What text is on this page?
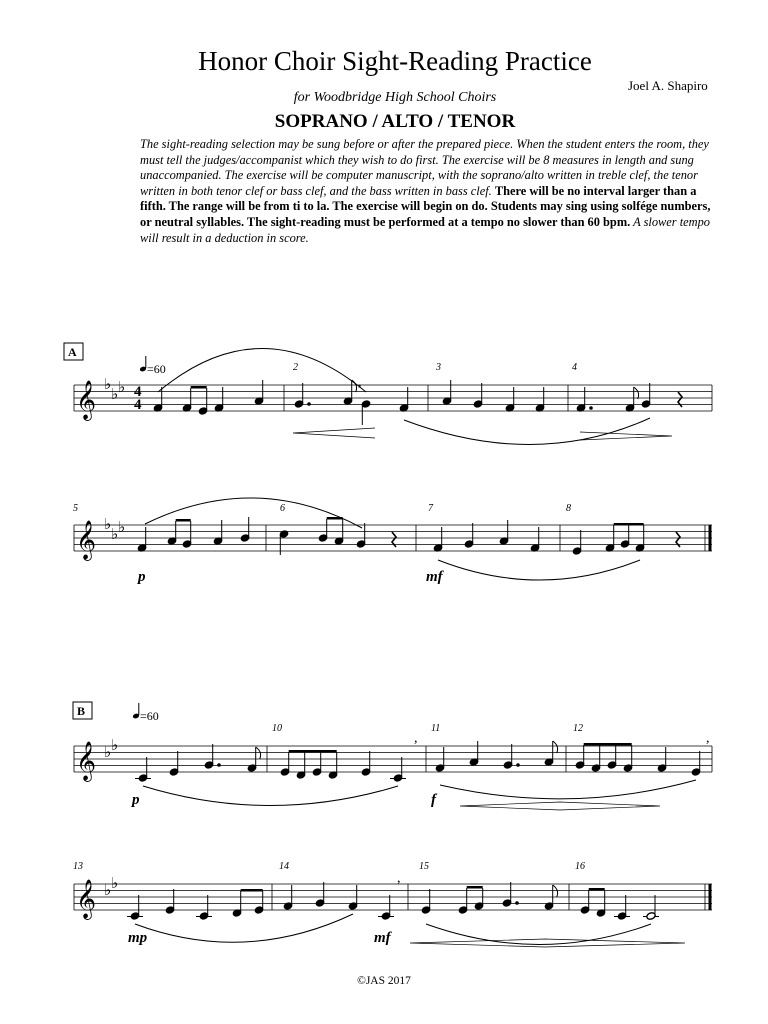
Honor Choir Sight-Reading Practice
Joel A. Shapiro
for Woodbridge High School Choirs
SOPRANO / ALTO / TENOR
The sight-reading selection may be sung before or after the prepared piece. When the student enters the room, they must tell the judges/accompanist which they wish to do first. The exercise will be 8 measures in length and sung unaccompanied. The exercise will be computer manuscript, with the soprano/alto written in treble clef, the tenor written in both tenor clef or bass clef, and the bass written in bass clef. There will be no interval larger than a fifth. The range will be from ti to la. The exercise will begin on do. Students may sing using solfége numbers, or neutral syllables. The sight-reading must be performed at a tempo no slower than 60 bpm. A slower tempo will result in a deduction in score.
A
=60
𝄞 ♭
♭ ♭ 4
4
2	3	4
,
𝄞 ♭
♭ ♭
5	6	7	8
p	mf
B	=60
𝄞 ♭ ♭
10	11	12
,	,
p	f
𝄞 ♭ ♭
13	14	15	16
,
mp	mf
©JAS 2017
